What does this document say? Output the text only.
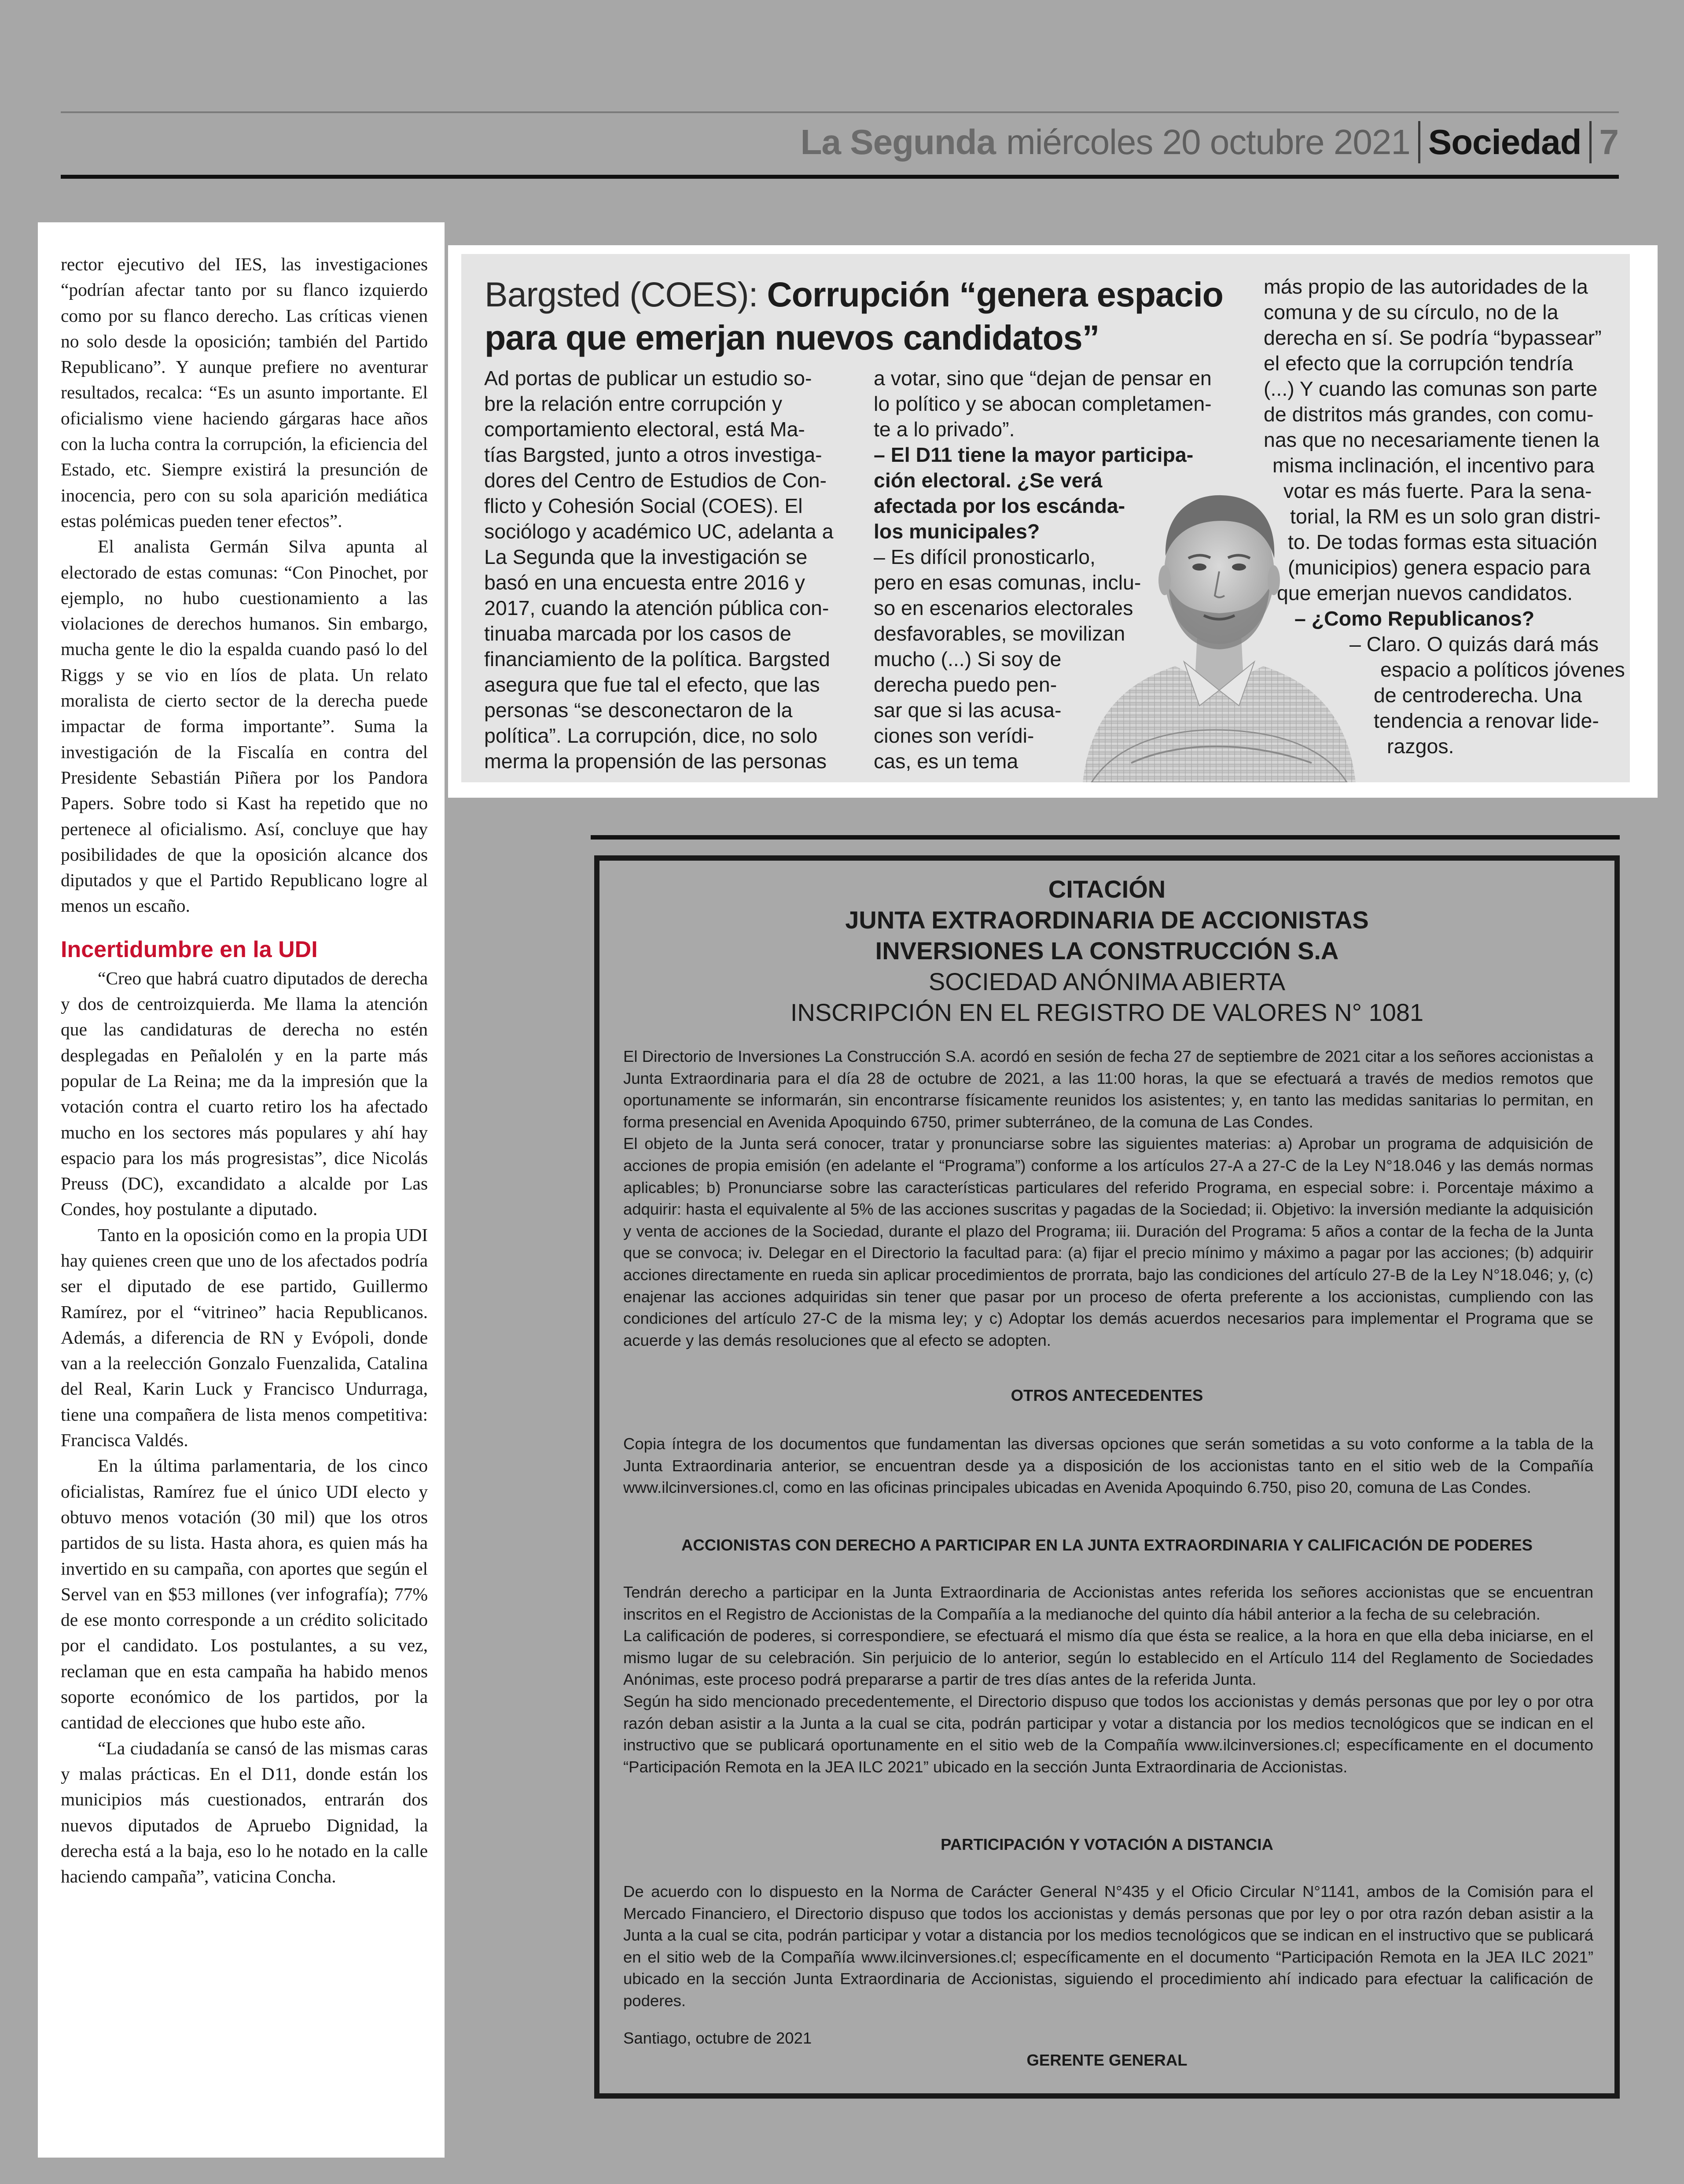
La Segunda miércoles 20 octubre 2021 Sociedad 7

rector ejecutivo del IES, las investigaciones “podrían afectar tanto por su flanco izquierdo como por su flanco derecho. Las críticas vienen no solo desde la oposición; también del Partido Republicano”. Y aunque prefiere no aventurar resultados, recalca: “Es un asunto importante. El oficialismo viene haciendo gárgaras hace años con la lucha contra la corrupción, la eficiencia del Estado, etc. Siempre existirá la presunción de inocencia, pero con su sola aparición mediática estas polémicas pueden tener efectos”.

El analista Germán Silva apunta al electorado de estas comunas: “Con Pinochet, por ejemplo, no hubo cuestionamiento a las violaciones de derechos humanos. Sin embargo, mucha gente le dio la espalda cuando pasó lo del Riggs y se vio en líos de plata. Un relato moralista de cierto sector de la derecha puede impactar de forma importante”. Suma la investigación de la Fiscalía en contra del Presidente Sebastián Piñera por los Pandora Papers. Sobre todo si Kast ha repetido que no pertenece al oficialismo. Así, concluye que hay posibilidades de que la oposición alcance dos diputados y que el Partido Republicano logre al menos un escaño.

Incertidumbre en la UDI

“Creo que habrá cuatro diputados de derecha y dos de centroizquierda. Me llama la atención que las candidaturas de derecha no estén desplegadas en Peñalolén y en la parte más popular de La Reina; me da la impresión que la votación contra el cuarto retiro los ha afectado mucho en los sectores más populares y ahí hay espacio para los más progresistas”, dice Nicolás Preuss (DC), excandidato a alcalde por Las Condes, hoy postulante a diputado.

Tanto en la oposición como en la propia UDI hay quienes creen que uno de los afectados podría ser el diputado de ese partido, Guillermo Ramírez, por el “vitrineo” hacia Republicanos. Además, a diferencia de RN y Evópoli, donde van a la reelección Gonzalo Fuenzalida, Catalina del Real, Karin Luck y Francisco Undurraga, tiene una compañera de lista menos competitiva: Francisca Valdés.

En la última parlamentaria, de los cinco oficialistas, Ramírez fue el único UDI electo y obtuvo menos votación (30 mil) que los otros partidos de su lista. Hasta ahora, es quien más ha invertido en su campaña, con aportes que según el Servel van en $53 millones (ver infografía); 77% de ese monto corresponde a un crédito solicitado por el candidato. Los postulantes, a su vez, reclaman que en esta campaña ha habido menos soporte económico de los partidos, por la cantidad de elecciones que hubo este año.

“La ciudadanía se cansó de las mismas caras y malas prácticas. En el D11, donde están los municipios más cuestionados, entrarán dos nuevos diputados de Apruebo Dignidad, la derecha está a la baja, eso lo he notado en la calle haciendo campaña”, vaticina Concha.

Bargsted (COES): Corrupción “genera espacio para que emerjan nuevos candidatos”
Ad portas de publicar un estudio so-
bre la relación entre corrupción y
comportamiento electoral, está Ma-
tías Bargsted, junto a otros investiga-
dores del Centro de Estudios de Con-
flicto y Cohesión Social (COES). El
sociólogo y académico UC, adelanta a
La Segunda que la investigación se
basó en una encuesta entre 2016 y
2017, cuando la atención pública con-
tinuaba marcada por los casos de
financiamiento de la política. Bargsted
asegura que fue tal el efecto, que las
personas “se desconectaron de la
política”. La corrupción, dice, no solo
merma la propensión de las personas
a votar, sino que “dejan de pensar en
lo político y se abocan completamen-
te a lo privado”.
– El D11 tiene la mayor participa-
ción electoral. ¿Se verá
afectada por los escánda-
los municipales?
– Es difícil pronosticarlo,
pero en esas comunas, inclu-
so en escenarios electorales
desfavorables, se movilizan
mucho (...) Si soy de
derecha puedo pen-
sar que si las acusa-
ciones son verídi-
cas, es un tema
más propio de las autoridades de la
comuna y de su círculo, no de la
derecha en sí. Se podría “bypassear”
el efecto que la corrupción tendría
(...) Y cuando las comunas son parte
de distritos más grandes, con comu-
nas que no necesariamente tienen la
misma inclinación, el incentivo para
votar es más fuerte. Para la sena-
torial, la RM es un solo gran distri-
to. De todas formas esta situación
(municipios) genera espacio para
que emerjan nuevos candidatos.
– ¿Como Republicanos?
– Claro. O quizás dará más
espacio a políticos jóvenes
de centroderecha. Una
tendencia a renovar lide-
razgos.
CITACIÓN
JUNTA EXTRAORDINARIA DE ACCIONISTAS
INVERSIONES LA CONSTRUCCIÓN S.A
SOCIEDAD ANÓNIMA ABIERTA
INSCRIPCIÓN EN EL REGISTRO DE VALORES N° 1081

El Directorio de Inversiones La Construcción S.A. acordó en sesión de fecha 27 de septiembre de 2021 citar a los señores accionistas a Junta Extraordinaria para el día 28 de octubre de 2021, a las 11:00 horas, la que se efectuará a través de medios remotos que oportunamente se informarán, sin encontrarse físicamente reunidos los asistentes; y, en tanto las medidas sanitarias lo permitan, en forma presencial en Avenida Apoquindo 6750, primer subterráneo, de la comuna de Las Condes.

El objeto de la Junta será conocer, tratar y pronunciarse sobre las siguientes materias: a) Aprobar un programa de adquisición de acciones de propia emisión (en adelante el “Programa”) conforme a los artículos 27-A a 27-C de la Ley N°18.046 y las demás normas aplicables; b) Pronunciarse sobre las características particulares del referido Programa, en especial sobre: i. Porcentaje máximo a adquirir: hasta el equivalente al 5% de las acciones suscritas y pagadas de la Sociedad; ii. Objetivo: la inversión mediante la adquisición y venta de acciones de la Sociedad, durante el plazo del Programa; iii. Duración del Programa: 5 años a contar de la fecha de la Junta que se convoca; iv. Delegar en el Directorio la facultad para: (a) fijar el precio mínimo y máximo a pagar por las acciones; (b) adquirir acciones directamente en rueda sin aplicar procedimientos de prorrata, bajo las condiciones del artículo 27-B de la Ley N°18.046; y, (c) enajenar las acciones adquiridas sin tener que pasar por un proceso de oferta preferente a los accionistas, cumpliendo con las condiciones del artículo 27-C de la misma ley; y c) Adoptar los demás acuerdos necesarios para implementar el Programa que se acuerde y las demás resoluciones que al efecto se adopten.

OTROS ANTECEDENTES

Copia íntegra de los documentos que fundamentan las diversas opciones que serán sometidas a su voto conforme a la tabla de la Junta Extraordinaria anterior, se encuentran desde ya a disposición de los accionistas tanto en el sitio web de la Compañía www.ilcinversiones.cl, como en las oficinas principales ubicadas en Avenida Apoquindo 6.750, piso 20, comuna de Las Condes.

ACCIONISTAS CON DERECHO A PARTICIPAR EN LA JUNTA EXTRAORDINARIA Y CALIFICACIÓN DE PODERES

Tendrán derecho a participar en la Junta Extraordinaria de Accionistas antes referida los señores accionistas que se encuentran inscritos en el Registro de Accionistas de la Compañía a la medianoche del quinto día hábil anterior a la fecha de su celebración.

La calificación de poderes, si correspondiere, se efectuará el mismo día que ésta se realice, a la hora en que ella deba iniciarse, en el mismo lugar de su celebración. Sin perjuicio de lo anterior, según lo establecido en el Artículo 114 del Reglamento de Sociedades Anónimas, este proceso podrá prepararse a partir de tres días antes de la referida Junta.

Según ha sido mencionado precedentemente, el Directorio dispuso que todos los accionistas y demás personas que por ley o por otra razón deban asistir a la Junta a la cual se cita, podrán participar y votar a distancia por los medios tecnológicos que se indican en el instructivo que se publicará oportunamente en el sitio web de la Compañía www.ilcinversiones.cl; específicamente en el documento “Participación Remota en la JEA ILC 2021” ubicado en la sección Junta Extraordinaria de Accionistas.

PARTICIPACIÓN Y VOTACIÓN A DISTANCIA

De acuerdo con lo dispuesto en la Norma de Carácter General N°435 y el Oficio Circular N°1141, ambos de la Comisión para el Mercado Financiero, el Directorio dispuso que todos los accionistas y demás personas que por ley o por otra razón deban asistir a la Junta a la cual se cita, podrán participar y votar a distancia por los medios tecnológicos que se indican en el instructivo que se publicará en el sitio web de la Compañía www.ilcinversiones.cl; específicamente en el documento “Participación Remota en la JEA ILC 2021” ubicado en la sección Junta Extraordinaria de Accionistas, siguiendo el procedimiento ahí indicado para efectuar la calificación de poderes.

Santiago, octubre de 2021
GERENTE GENERAL
